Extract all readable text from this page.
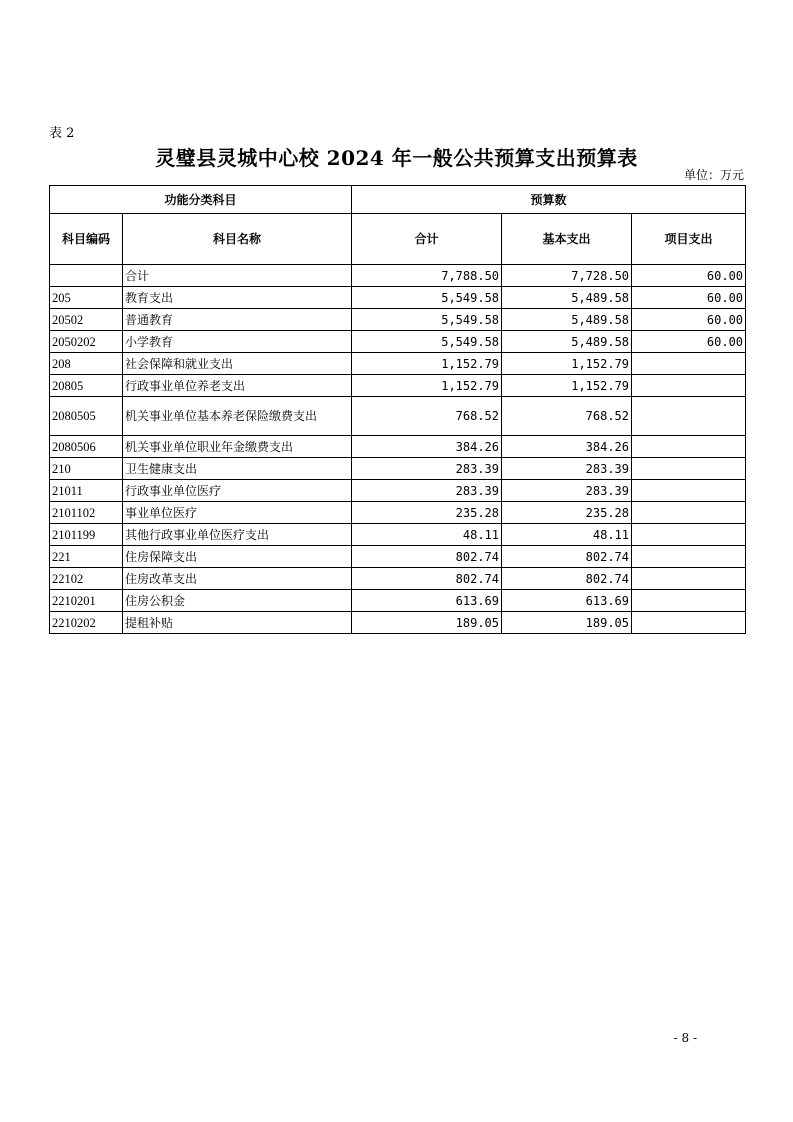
表 2
灵璧县灵城中心校 2024 年一般公共预算支出预算表
单位：万元
功能分类科目		预算数		
科目编码	科目名称	合计	基本支出	项目支出
	合计	7,788.50	7,728.50	60.00
205	教育支出	5,549.58	5,489.58	60.00
20502	普通教育	5,549.58	5,489.58	60.00
2050202	小学教育	5,549.58	5,489.58	60.00
208	社会保障和就业支出	1,152.79	1,152.79	
20805	行政事业单位养老支出	1,152.79	1,152.79	
2080505	机关事业单位基本养老保险缴费支出	768.52	768.52	
2080506	机关事业单位职业年金缴费支出	384.26	384.26	
210	卫生健康支出	283.39	283.39	
21011	行政事业单位医疗	283.39	283.39	
2101102	事业单位医疗	235.28	235.28	
2101199	其他行政事业单位医疗支出	48.11	48.11	
221	住房保障支出	802.74	802.74	
22102	住房改革支出	802.74	802.74	
2210201	住房公积金	613.69	613.69	
2210202	提租补贴	189.05	189.05	
- 8 -
